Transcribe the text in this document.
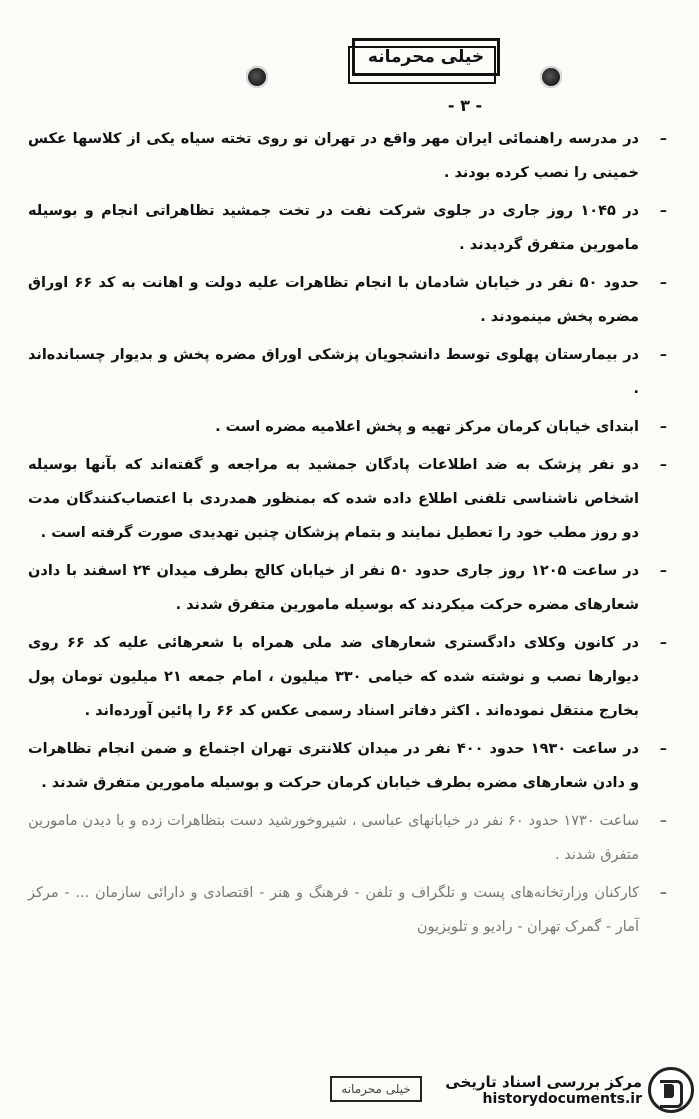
خیلی محرمانه
- ۳ -
– در مدرسه راهنمائی ایران مهر واقع در تهران نو روی تخته سیاه یکی از کلاسها عکس خمینی را نصب کرده بودند .
– در ۱۰۴۵ روز جاری در جلوی شرکت نفت در تخت جمشید تظاهراتی انجام و بوسیله مامورین متفرق گردیدند .
– حدود ۵۰ نفر در خیابان شادمان با انجام تظاهرات علیه دولت و اهانت به کد ۶۶ اوراق مضره پخش مینمودند .
– در بیمارستان پهلوی توسط دانشجویان پزشکی اوراق مضره پخش و بدیوار چسبانده‌اند .
– ابتدای خیابان کرمان مرکز تهیه و پخش اعلامیه مضره است .
– دو نفر پزشک به ضد اطلاعات پادگان جمشید به مراجعه و گفته‌اند که بآنها بوسیله اشخاص ناشناسی تلفنی اطلاع داده شده که بمنظور همدردی با اعتصاب‌کنندگان مدت دو روز مطب خود را تعطیل نمایند و بتمام پزشکان چنین تهدیدی صورت گرفته است .
– در ساعت ۱۲۰۵ روز جاری حدود ۵۰ نفر از خیابان کالج بطرف میدان ۲۴ اسفند با دادن شعارهای مضره حرکت میکردند که بوسیله مامورین متفرق شدند .
– در کانون وکلای دادگستری شعارهای ضد ملی همراه با شعرهائی علیه کد ۶۶ روی دیوارها نصب و نوشته شده که خیامی ۳۳۰ میلیون ، امام جمعه ۲۱ میلیون تومان پول بخارج منتقل نموده‌اند . اکثر دفاتر اسناد رسمی عکس کد ۶۶ را پائین آورده‌اند .
– در ساعت ۱۹۳۰ حدود ۴۰۰ نفر در میدان کلانتری تهران اجتماع و ضمن انجام تظاهرات و دادن شعارهای مضره بطرف خیابان کرمان حرکت و بوسیله مامورین متفرق شدند .
– ساعت ۱۷۳۰ حدود ۶۰ نفر در خیابانهای عباسی ، شیروخورشید دست بتظاهرات زده و با دیدن مامورین متفرق شدند .
– کارکنان وزارتخانه‌های پست و تلگراف و تلفن - فرهنگ و هنر - اقتصادی و دارائی سازمان ... - مرکز آمار - گمرک تهران - رادیو و تلویزیون
خیلی محرمانه	مرکز بررسی اسناد تاریخی
historydocuments.ir
